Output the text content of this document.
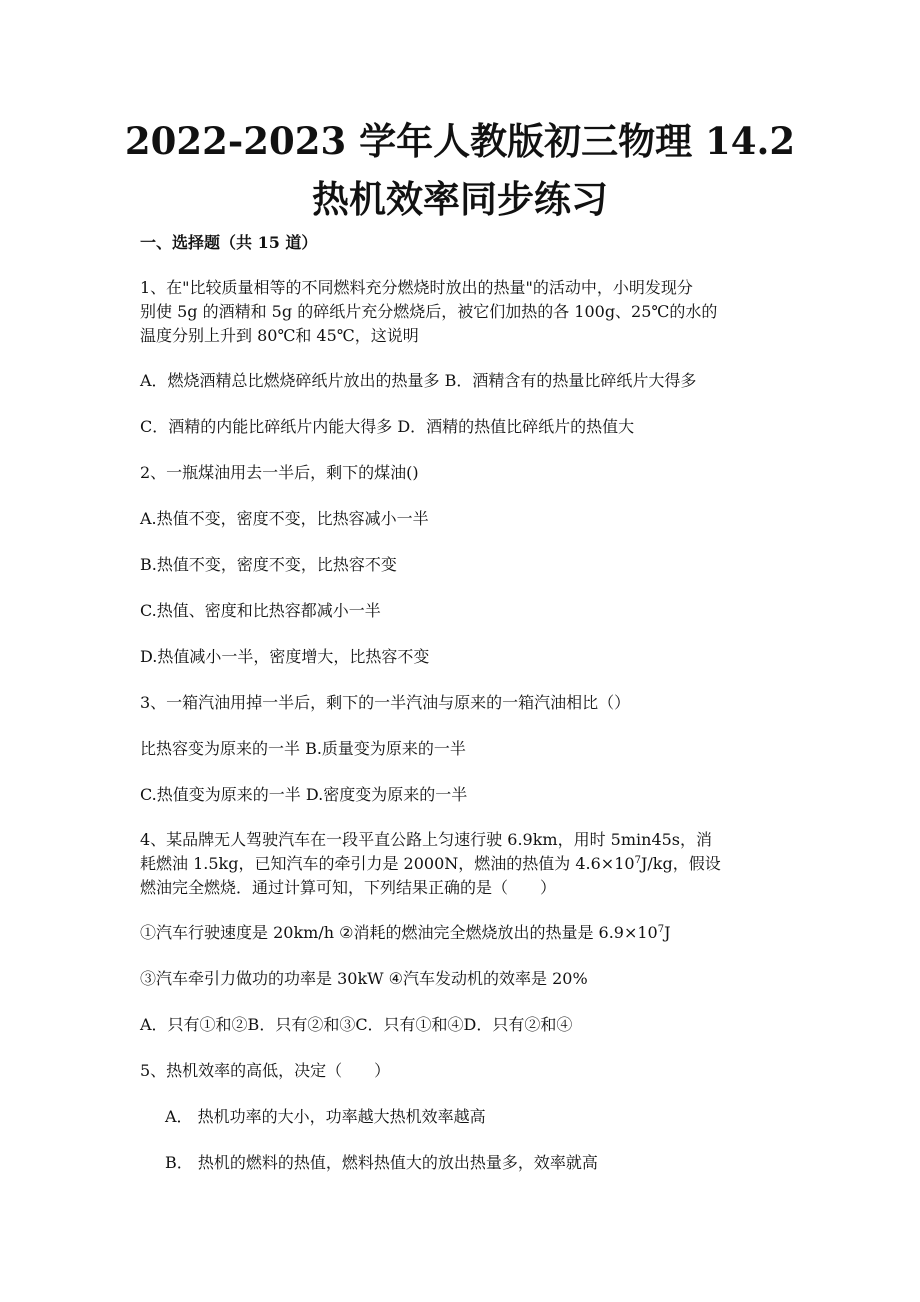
2022-2023 学年人教版初三物理 14.2
热机效率同步练习
一、选择题（共 15 道）
1、在"比较质量相等的不同燃料充分燃烧时放出的热量"的活动中，小明发现分
别使 5g 的酒精和 5g 的碎纸片充分燃烧后，被它们加热的各 100g、25℃的水的
温度分别上升到 80℃和 45℃，这说明
A．燃烧酒精总比燃烧碎纸片放出的热量多 B．酒精含有的热量比碎纸片大得多
C．酒精的内能比碎纸片内能大得多 D．酒精的热值比碎纸片的热值大
2、一瓶煤油用去一半后，剩下的煤油()
A.热值不变，密度不变，比热容减小一半
B.热值不变，密度不变，比热容不变
C.热值、密度和比热容都减小一半
D.热值减小一半，密度增大，比热容不变
3、一箱汽油用掉一半后，剩下的一半汽油与原来的一箱汽油相比（）
比热容变为原来的一半 B.质量变为原来的一半
C.热值变为原来的一半 D.密度变为原来的一半
4、某品牌无人驾驶汽车在一段平直公路上匀速行驶 6.9km，用时 5min45s，消
耗燃油 1.5kg，已知汽车的牵引力是 2000N，燃油的热值为 $4.6\times 10^7J/kg$，假设
燃油完全燃烧．通过计算可知，下列结果正确的是（　　）
①汽车行驶速度是 20km/h ②消耗的燃油完全燃烧放出的热量是 $6.9\times 10^7J$
③汽车牵引力做功的功率是 30kW ④汽车发动机的效率是 20%
A．只有①和②B．只有②和③C．只有①和④D．只有②和④
5、热机效率的高低，决定（　　）
A． 热机功率的大小，功率越大热机效率越高
B． 热机的燃料的热值，燃料热值大的放出热量多，效率就高
